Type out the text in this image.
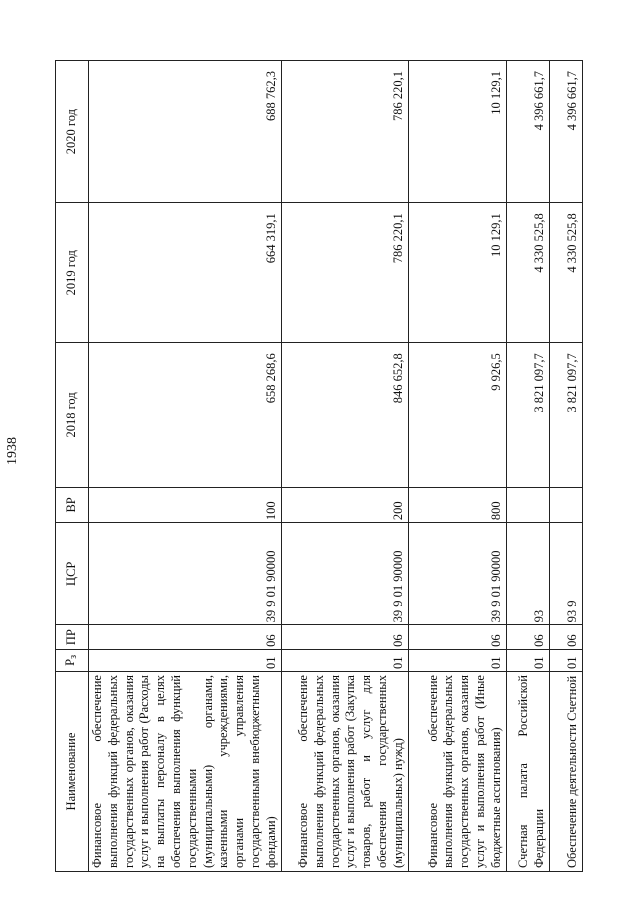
1938
Наименование	$Р_з$	ПР	ЦСР	ВР	2018 год	2019 год	2020 год
Финансовое обеспечение выполнения функций федеральных государственных органов, оказания услуг и выполнения работ (Расходы на выплаты персоналу в целях обеспечения выполнения функций государственными (муниципальными) органами, казенными учреждениями, органами управления государственными внебюджетными фондами)	01	06	39 9 01 90000	100	658 268,6	664 319,1	688 762,3
Финансовое обеспечение выполнения функций федеральных государственных органов, оказания услуг и выполнения работ (Закупка товаров, работ и услуг для обеспечения государственных (муниципальных) нужд)	01	06	39 9 01 90000	200	846 652,8	786 220,1	786 220,1
Финансовое обеспечение выполнения функций федеральных государственных органов, оказания услуг и выполнения работ (Иные бюджетные ассигнования)	01	06	39 9 01 90000	800	9 926,5	10 129,1	10 129,1
Счетная палата Российской Федерации	01	06	93		3 821 097,7	4 330 525,8	4 396 661,7
Обеспечение деятельности Счетной	01	06	93 9		3 821 097,7	4 330 525,8	4 396 661,7
